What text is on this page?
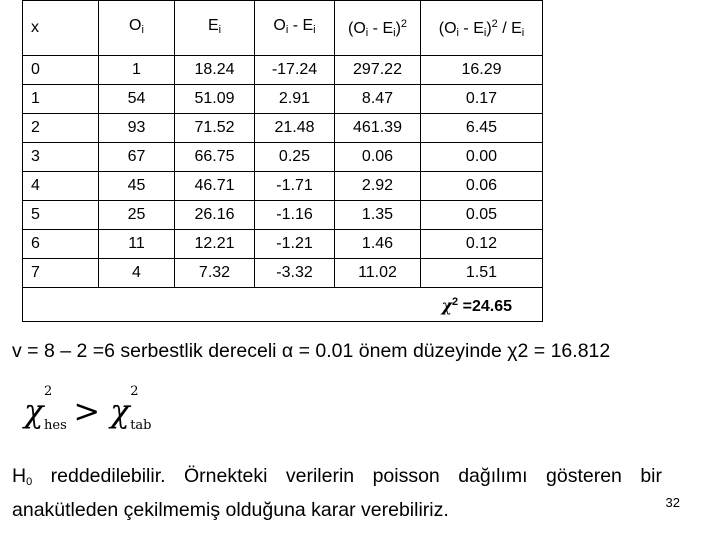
x	$O_i$	$E_i$	$O_i - E_i$	$(O_i - E_i)^2$	$(O_i - E_i)^2 / E_i$
0	1	18.24	-17.24	297.22	16.29
1	54	51.09	2.91	8.47	0.17
2	93	71.52	21.48	461.39	6.45
3	67	66.75	0.25	0.06	0.00
4	45	46.71	-1.71	2.92	0.06
5	25	26.16	-1.16	1.35	0.05
6	11	12.21	-1.21	1.46	0.12
7	4	7.32	-3.32	11.02	1.51
$\chi^2 =24.65$					
v = 8 – 2 =6 serbestlik dereceli α = 0.01 önem düzeyinde χ2 = 16.812
χ
2
hes > χ
2
tab
$H_0$ reddedilebilir. Örnekteki verilerin poisson dağılımı gösteren bir anakütleden çekilmemiş olduğuna karar verebiliriz.	32
